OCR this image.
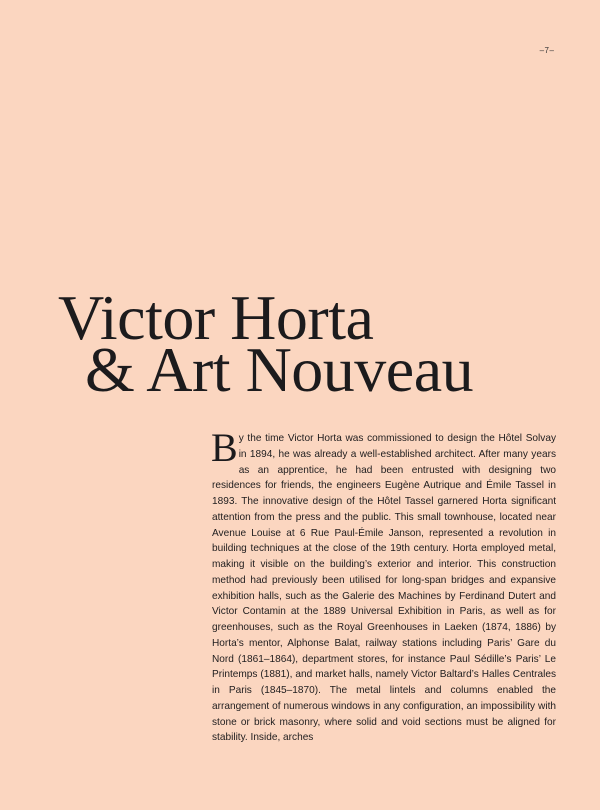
–7–
Victor Horta
& Art Nouveau

By the time Victor Horta was commissioned to design the Hôtel Solvay in 1894, he was already a well-established architect. After many years as an apprentice, he had been entrusted with designing two residences for friends, the engineers Eugène Autrique and Émile Tassel in 1893. The innovative design of the Hôtel Tassel garnered Horta significant attention from the press and the public. This small townhouse, located near Avenue Louise at 6 Rue Paul-Émile Janson, represented a revolution in building techniques at the close of the 19th century. Horta employed metal, making it visible on the building’s exterior and interior. This construction method had previously been utilised for long-span bridges and expansive exhibition halls, such as the Galerie des Machines by Ferdinand Dutert and Victor Contamin at the 1889 Universal Exhibition in Paris, as well as for greenhouses, such as the Royal Greenhouses in Laeken (1874, 1886) by Horta’s mentor, Alphonse Balat, railway stations including Paris’ Gare du Nord (1861–1864), department stores, for instance Paul Sédille’s Paris’ Le Printemps (1881), and market halls, namely Victor Baltard’s Halles Centrales in Paris (1845–1870). The metal lintels and columns enabled the arrangement of numerous windows in any configuration, an impossibility with stone or brick masonry, where solid and void sections must be aligned for stability. Inside, arches
